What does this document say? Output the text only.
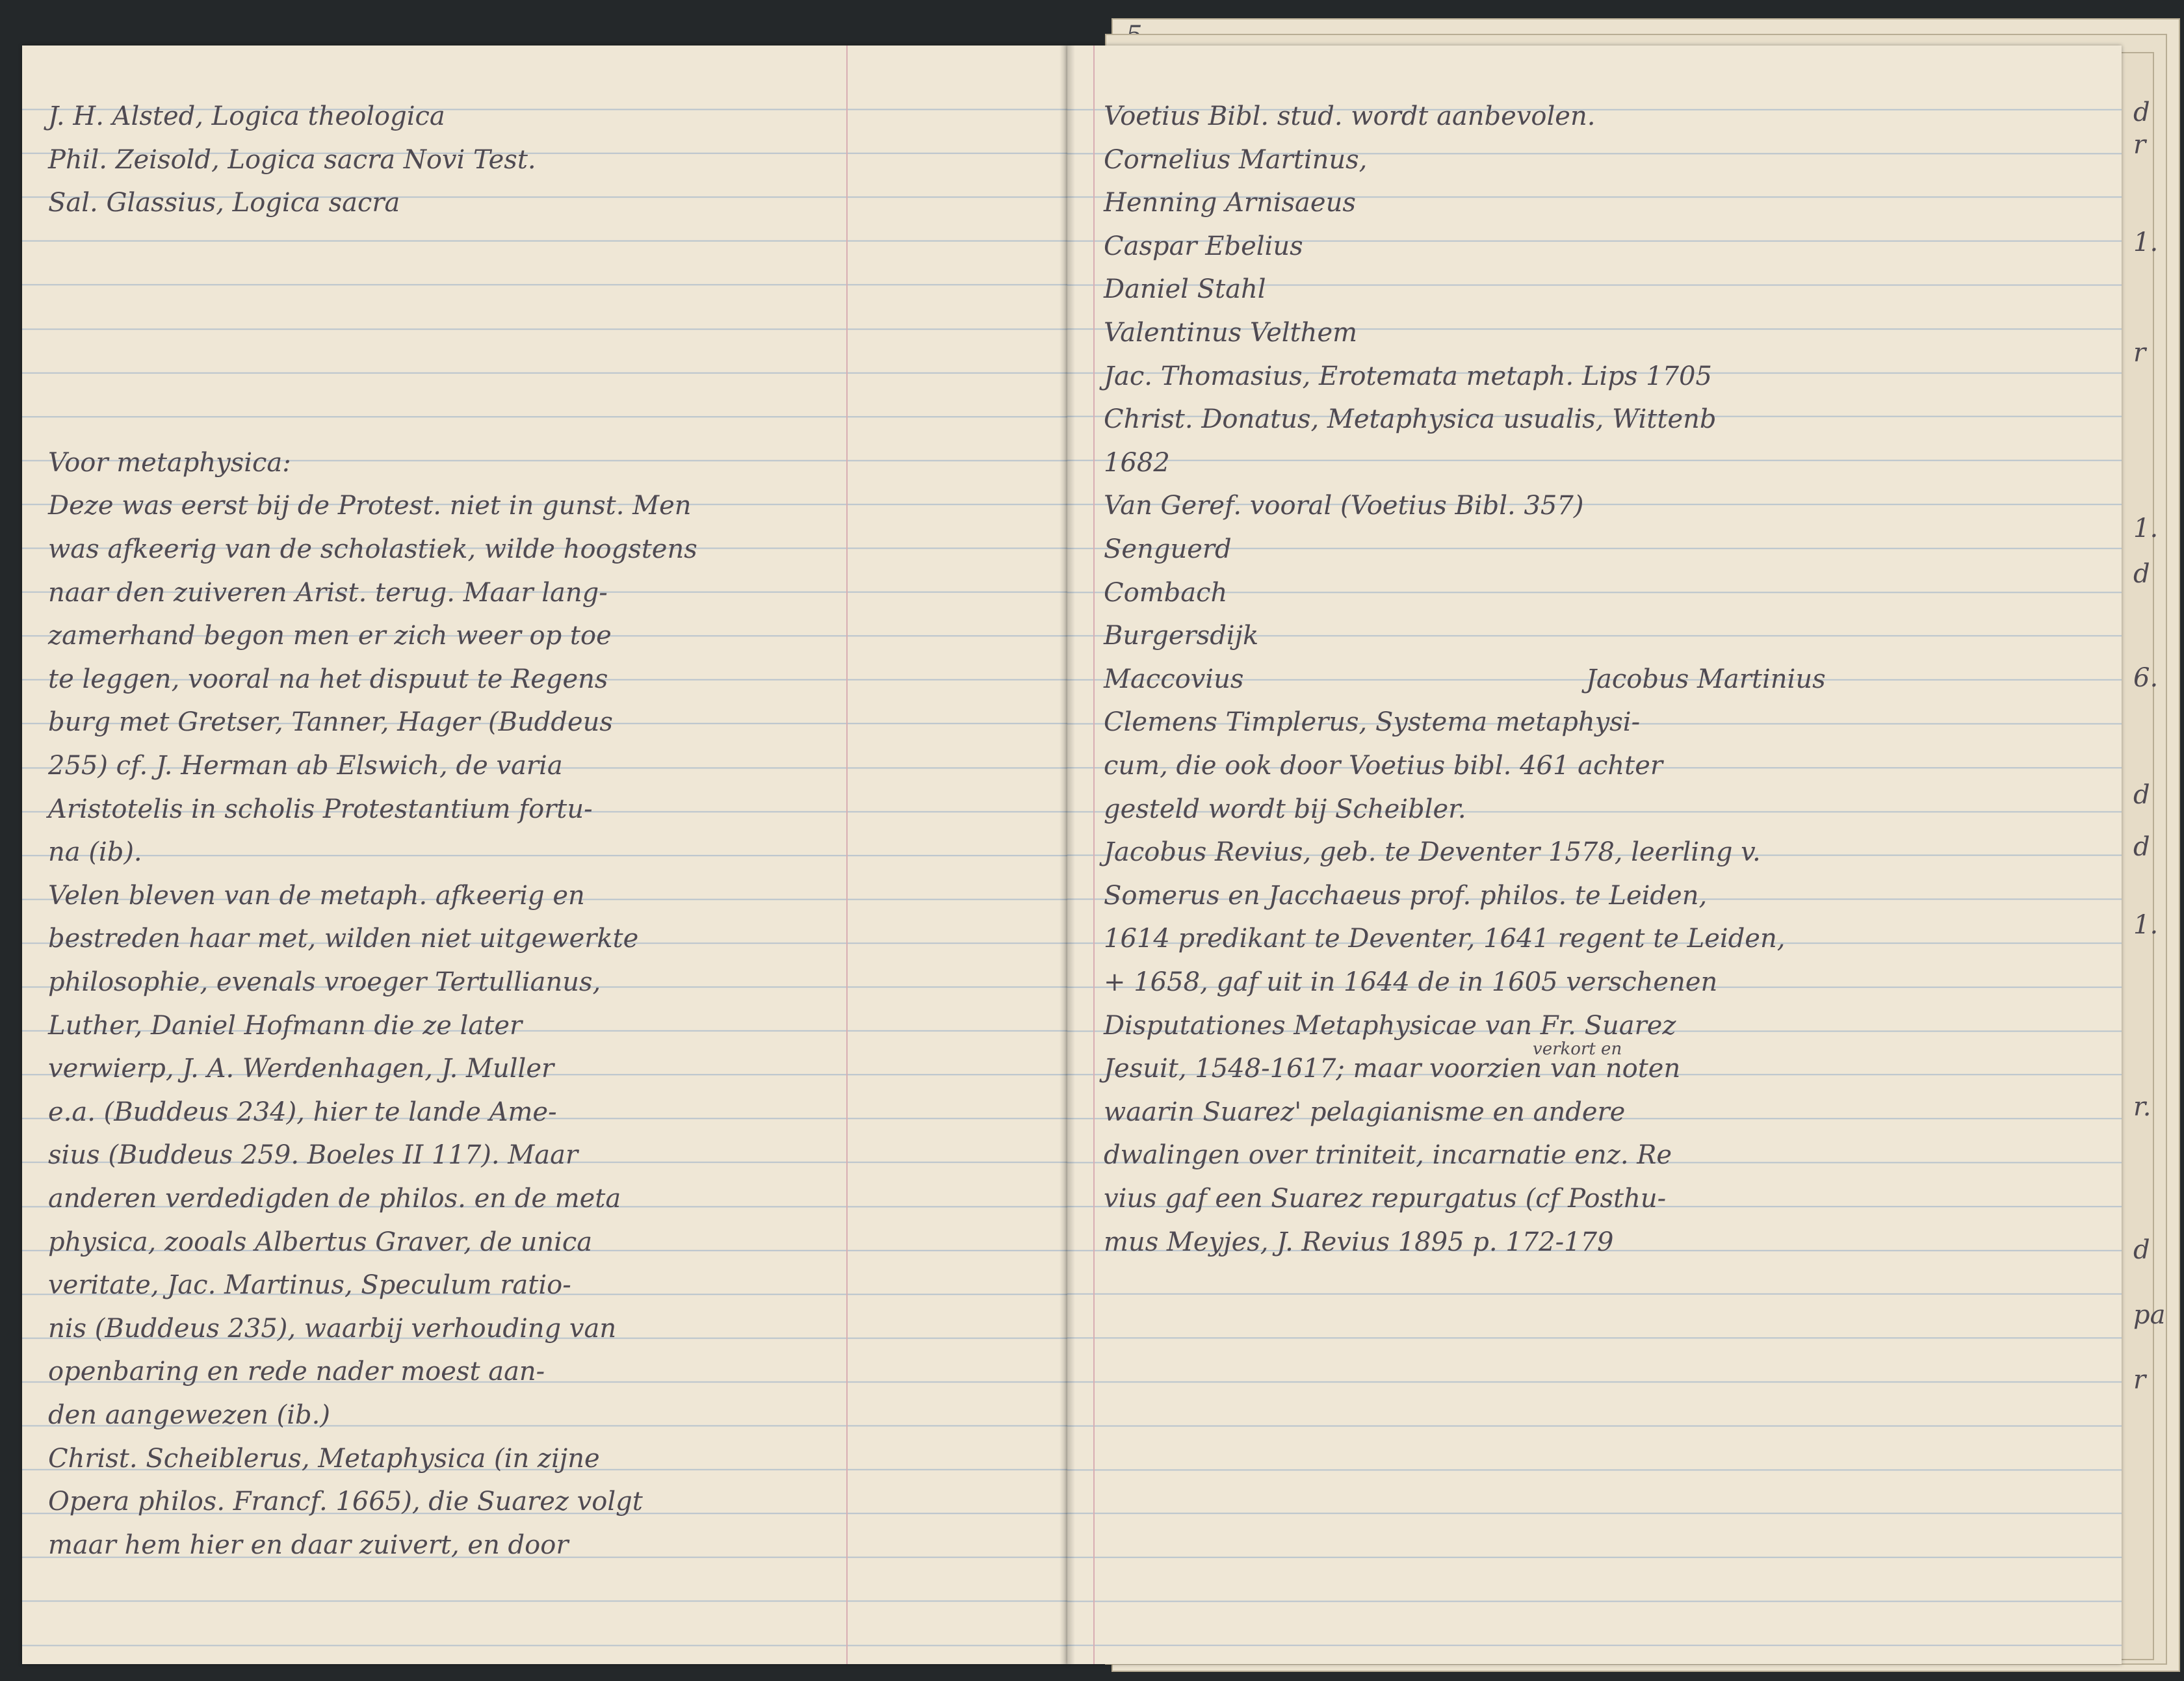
d
r
1.
r
1.
d
6.
d
d
1.
r.
d
pa
r
J. H. Alsted, Logica theologica
Phil. Zeisold, Logica sacra Novi Test.
Sal. Glassius, Logica sacra
Voor metaphysica:
Deze was eerst bij de Protest. niet in gunst. Men
was afkeerig van de scholastiek, wilde hoogstens
naar den zuiveren Arist. terug. Maar lang-
zamerhand begon men er zich weer op toe
te leggen, vooral na het dispuut te Regens
burg met Gretser, Tanner, Hager (Buddeus
255) cf. J. Herman ab Elswich, de varia
Aristotelis in scholis Protestantium fortu-
na (ib).
Velen bleven van de metaph. afkeerig en
bestreden haar met, wilden niet uitgewerkte
philosophie, evenals vroeger Tertullianus,
Luther, Daniel Hofmann die ze later
verwierp, J. A. Werdenhagen, J. Muller
e.a. (Buddeus 234), hier te lande Ame-
sius (Buddeus 259. Boeles II 117). Maar
anderen verdedigden de philos. en de meta
physica, zooals Albertus Graver, de unica
veritate, Jac. Martinus, Speculum ratio-
nis (Buddeus 235), waarbij verhouding van
openbaring en rede nader moest aan-
den aangewezen (ib.)
Christ. Scheiblerus, Metaphysica (in zijne
Opera philos. Francf. 1665), die Suarez volgt
maar hem hier en daar zuivert, en door
Voetius Bibl. stud. wordt aanbevolen.
Cornelius Martinus,
Henning Arnisaeus
Caspar Ebelius
Daniel Stahl
Valentinus Velthem
Jac. Thomasius, Erotemata metaph. Lips 1705
Christ. Donatus, Metaphysica usualis, Wittenb
1682
Van Geref. vooral (Voetius Bibl. 357)
Senguerd
Combach
Burgersdijk
Maccovius	Jacobus Martinius
Clemens Timplerus, Systema metaphysi-
cum, die ook door Voetius bibl. 461 achter
gesteld wordt bij Scheibler.
Jacobus Revius, geb. te Deventer 1578, leerling v.
Somerus en Jacchaeus prof. philos. te Leiden,
1614 predikant te Deventer, 1641 regent te Leiden,
+ 1658, gaf uit in 1644 de in 1605 verschenen
Disputationes Metaphysicae van Fr. Suarez
verkort en
Jesuit, 1548-1617; maar voorzien van noten
waarin Suarez' pelagianisme en andere
dwalingen over triniteit, incarnatie enz. Re
vius gaf een Suarez repurgatus (cf Posthu-
mus Meyjes, J. Revius 1895 p. 172-179
